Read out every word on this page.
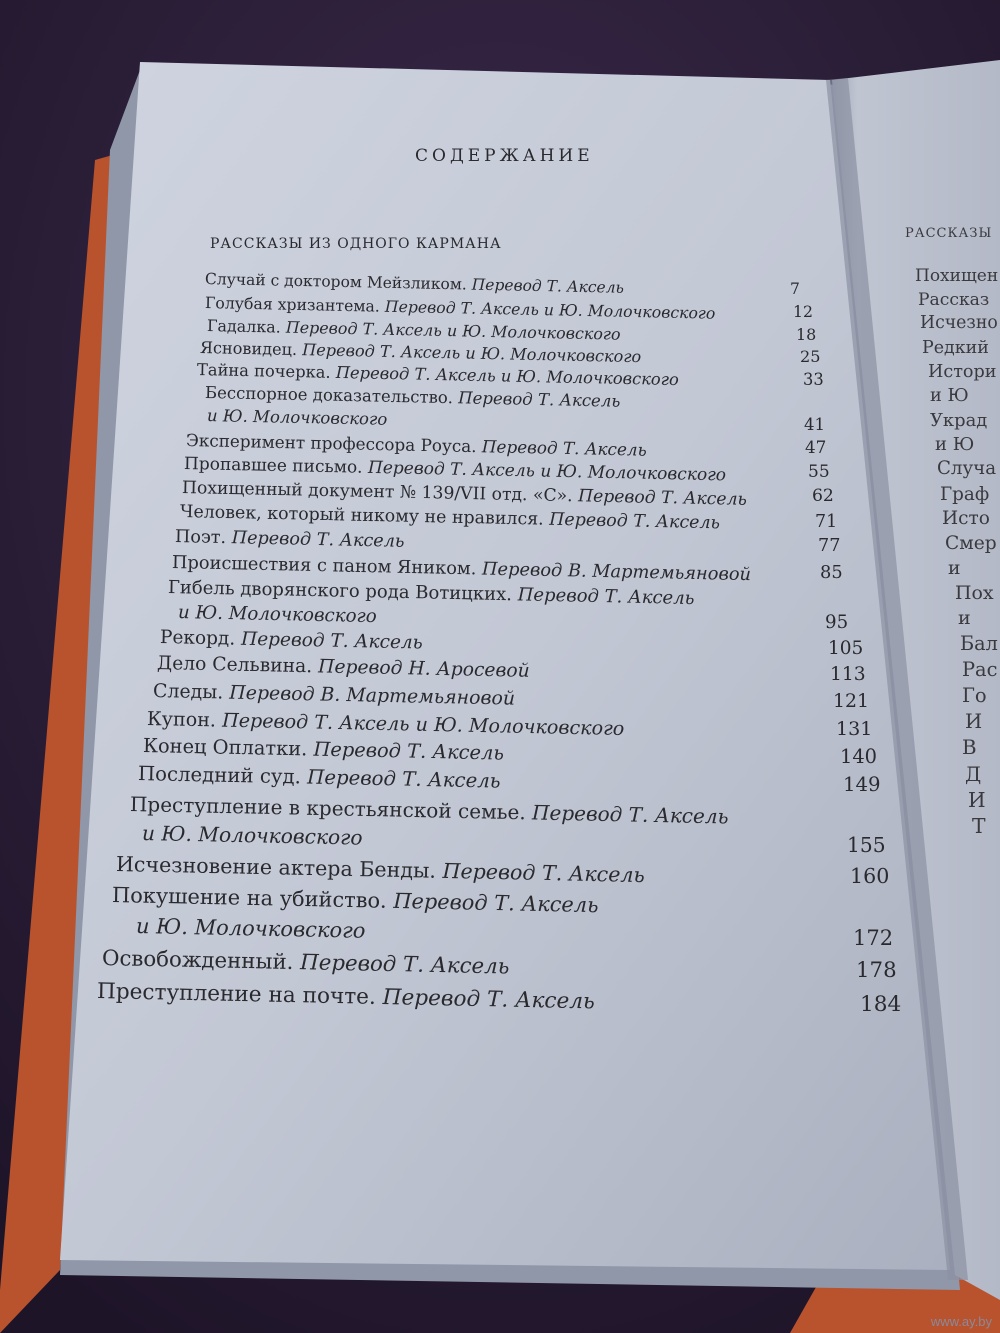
СОДЕРЖАНИЕ
РАССКАЗЫ ИЗ ОДНОГО КАРМАНА
Случай с доктором Мейзликом. Перевод Т. Аксель	7
Голубая хризантема. Перевод Т. Аксель и Ю. Молочковского	12
Гадалка. Перевод Т. Аксель и Ю. Молочковского	18
Ясновидец. Перевод Т. Аксель и Ю. Молочковского	25
Тайна почерка. Перевод Т. Аксель и Ю. Молочковского	33
Бесспорное доказательство. Перевод Т. Аксель
и Ю. Молочковского	41
Эксперимент профессора Роуса. Перевод Т. Аксель	47
Пропавшее письмо. Перевод Т. Аксель и Ю. Молочковского	55
Похищенный документ № 139/VII отд. «С». Перевод Т. Аксель	62
Человек, который никому не нравился. Перевод Т. Аксель	71
Поэт. Перевод Т. Аксель	77
Происшествия с паном Яником. Перевод В. Мартемьяновой	85
Гибель дворянского рода Вотицких. Перевод Т. Аксель
и Ю. Молочковского	95
Рекорд. Перевод Т. Аксель	105
Дело Сельвина. Перевод Н. Аросевой	113
Следы. Перевод В. Мартемьяновой	121
Купон. Перевод Т. Аксель и Ю. Молочковского	131
Конец Оплатки. Перевод Т. Аксель	140
Последний суд. Перевод Т. Аксель	149
Преступление в крестьянской семье. Перевод Т. Аксель
и Ю. Молочковского	155
Исчезновение актера Бенды. Перевод Т. Аксель	160
Покушение на убийство. Перевод Т. Аксель
и Ю. Молочковского	172
Освобожденный. Перевод Т. Аксель	178
Преступление на почте. Перевод Т. Аксель	184
РАССКАЗЫ
Похищен
Рассказ
Исчезно
Редкий
Истори
и Ю
Украд
и Ю
Случа
Граф
Исто
Смер
и
Пох
и
Бал
Рас
Го
И
В
Д
И
Т
www.ay.by
